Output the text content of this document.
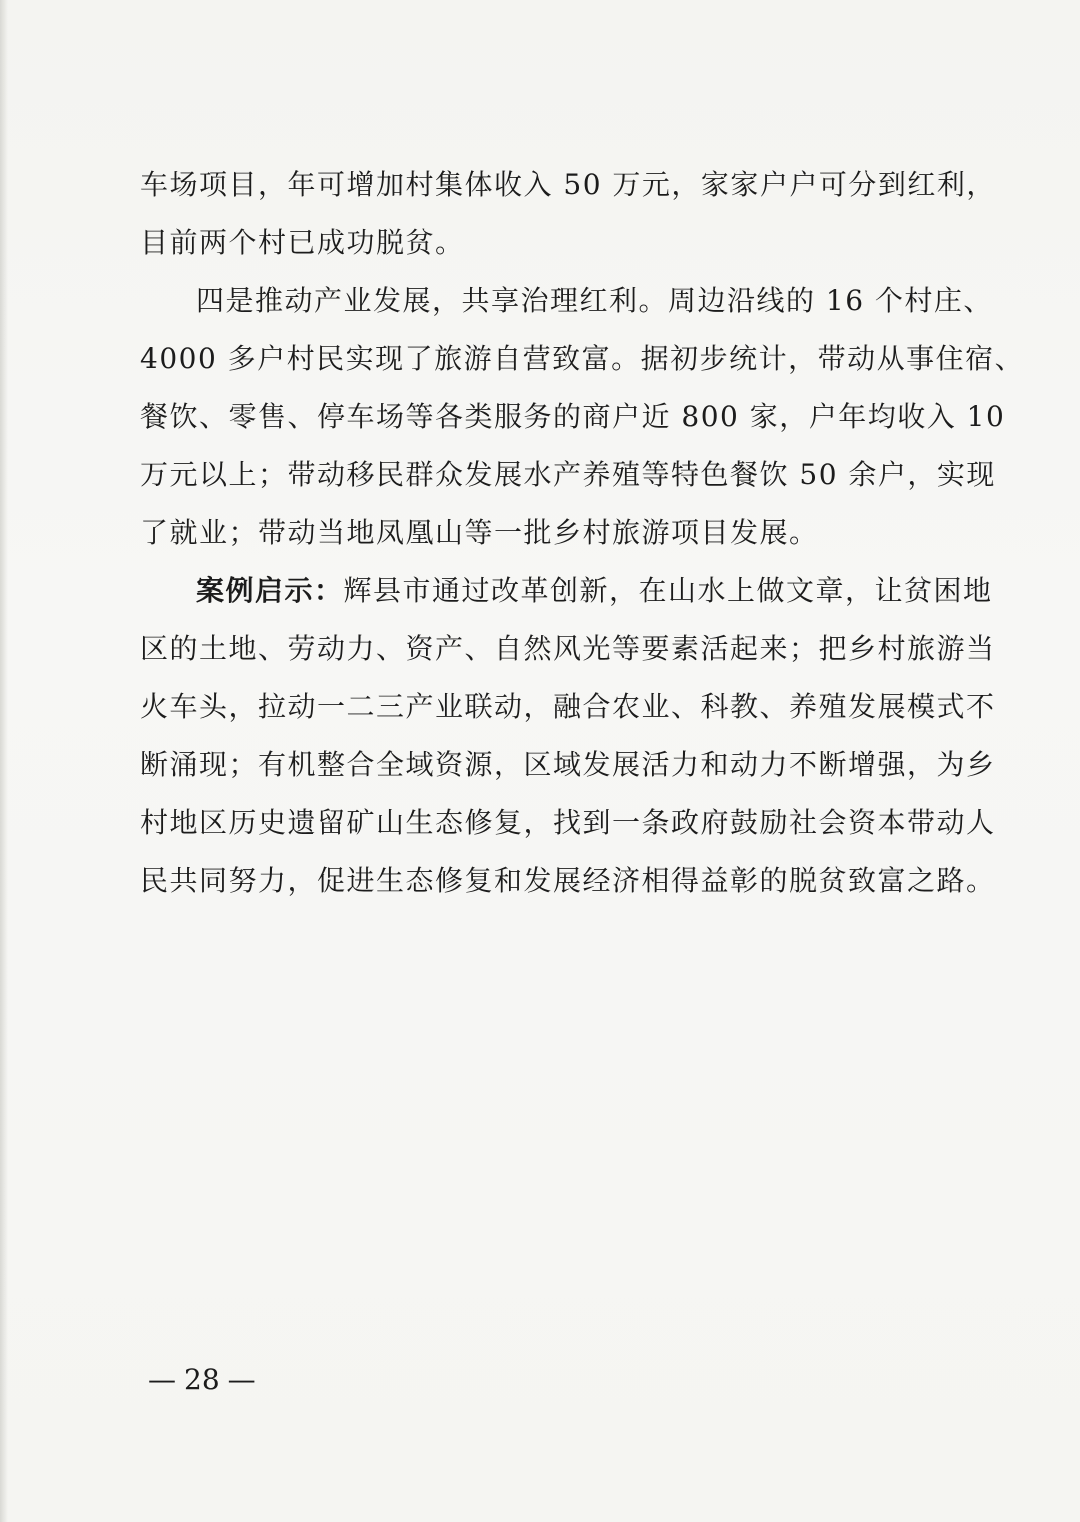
车场项目，年可增加村集体收入 50 万元，家家户户可分到红利，
目前两个村已成功脱贫。
四是推动产业发展，共享治理红利。周边沿线的 16 个村庄、
4000 多户村民实现了旅游自营致富。据初步统计，带动从事住宿、
餐饮、零售、停车场等各类服务的商户近 800 家，户年均收入 10
万元以上；带动移民群众发展水产养殖等特色餐饮 50 余户，实现
了就业；带动当地凤凰山等一批乡村旅游项目发展。
案例启示：辉县市通过改革创新，在山水上做文章，让贫困地
区的土地、劳动力、资产、自然风光等要素活起来；把乡村旅游当
火车头，拉动一二三产业联动，融合农业、科教、养殖发展模式不
断涌现；有机整合全域资源，区域发展活力和动力不断增强，为乡
村地区历史遗留矿山生态修复，找到一条政府鼓励社会资本带动人
民共同努力，促进生态修复和发展经济相得益彰的脱贫致富之路。
— 28 —
